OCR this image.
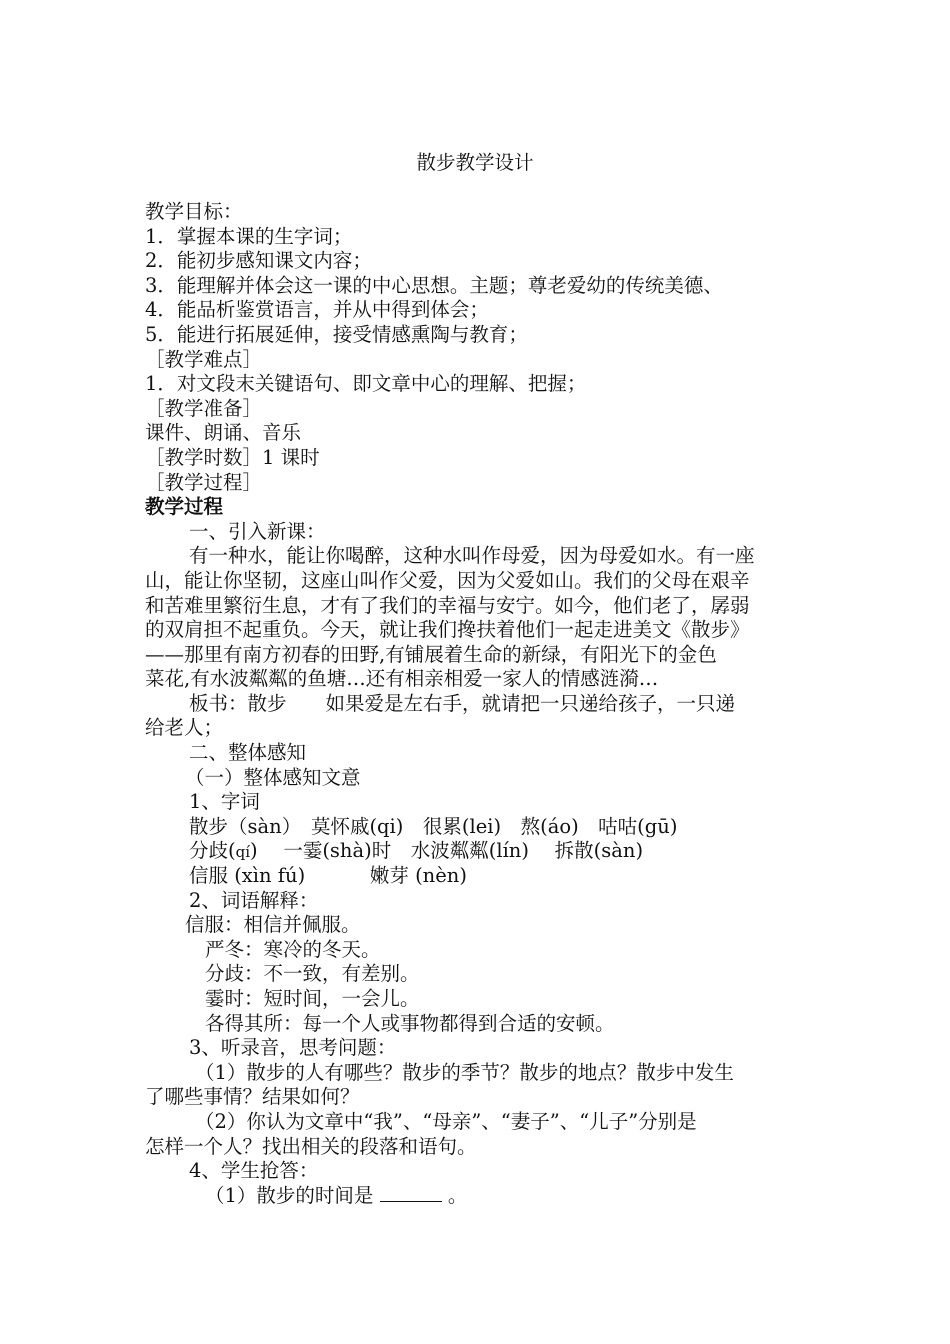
散步教学设计
教学目标：
1．掌握本课的生字词；
2．能初步感知课文内容；
3．能理解并体会这一课的中心思想。主题；尊老爱幼的传统美德、
4．能品析鉴赏语言，并从中得到体会；
5．能进行拓展延伸，接受情感熏陶与教育；
［教学难点］
1．对文段末关键语句、即文章中心的理解、把握；
［教学准备］
课件、朗诵、音乐
［教学时数］1 课时
［教学过程］
教学过程
一、引入新课：
有一种水，能让你喝醉，这种水叫作母爱，因为母爱如水。有一座
山，能让你坚韧，这座山叫作父爱，因为父爱如山。我们的父母在艰辛
和苦难里繁衍生息，才有了我们的幸福与安宁。如今，他们老了，孱弱
的双肩担不起重负。今天，就让我们搀扶着他们一起走进美文《散步》
——那里有南方初春的田野,有铺展着生命的新绿，有阳光下的金色
菜花,有水波粼粼的鱼塘…还有相亲相爱一家人的情感涟漪…
板书：散步　　如果爱是左右手，就请把一只递给孩子，一只递
给老人；
二、整体感知
（一）整体感知文意
1、字词
散步（sàn）　莫怀戚(qi)　很累(lei)　熬(áo)　咕咕(gū)
分歧(qí)　 一霎(shà)时　水波粼粼(lín)　 拆散(sàn)
信服 (xìn fú)　　　 嫩芽 (nèn)
2、词语解释：
信服：相信并佩服。
严冬：寒冷的冬天。
分歧：不一致，有差别。
霎时：短时间，一会儿。
各得其所：每一个人或事物都得到合适的安顿。
3、听录音，思考问题：
（1）散步的人有哪些？散步的季节？散步的地点？散步中发生
了哪些事情？结果如何？
（2）你认为文章中“我”、“母亲”、“妻子”、“儿子”分别是
怎样一个人？找出相关的段落和语句。
4、学生抢答：
（1）散步的时间是	。
